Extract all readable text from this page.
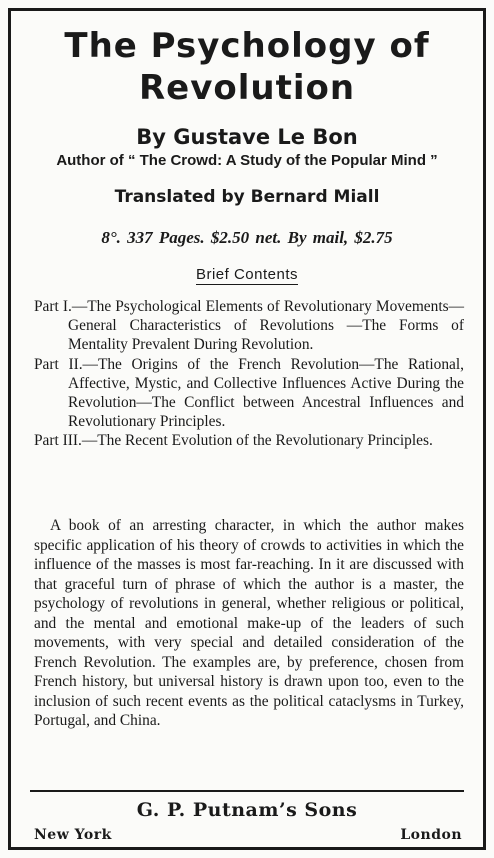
The Psychology of
Revolution
By Gustave Le Bon
Author of “ The Crowd: A Study of the Popular Mind ”
Translated by Bernard Miall
8°. 337 Pages. $2.50 net. By mail, $2.75
Brief Contents
Part I.—The Psychological Elements of Revolutionary Movements—General Characteristics of Revolutions —The Forms of Mentality Prevalent During Revolution.
Part II.—The Origins of the French Revolution—The Rational, Affective, Mystic, and Collective Influences Active During the Revolution—The Conflict between Ancestral Influences and Revolutionary Principles.
Part III.—The Recent Evolution of the Revolutionary Principles.
A book of an arresting character, in which the author makes specific application of his theory of crowds to activities in which the influence of the masses is most far-reaching. In it are discussed with that graceful turn of phrase of which the author is a master, the psychology of revolutions in general, whether religious or political, and the mental and emotional make-up of the leaders of such movements, with very special and detailed consideration of the French Revolution. The examples are, by preference, chosen from French history, but universal history is drawn upon too, even to the inclusion of such recent events as the political cataclysms in Turkey, Portugal, and China.
G. P. Putnam’s Sons
New York	London
